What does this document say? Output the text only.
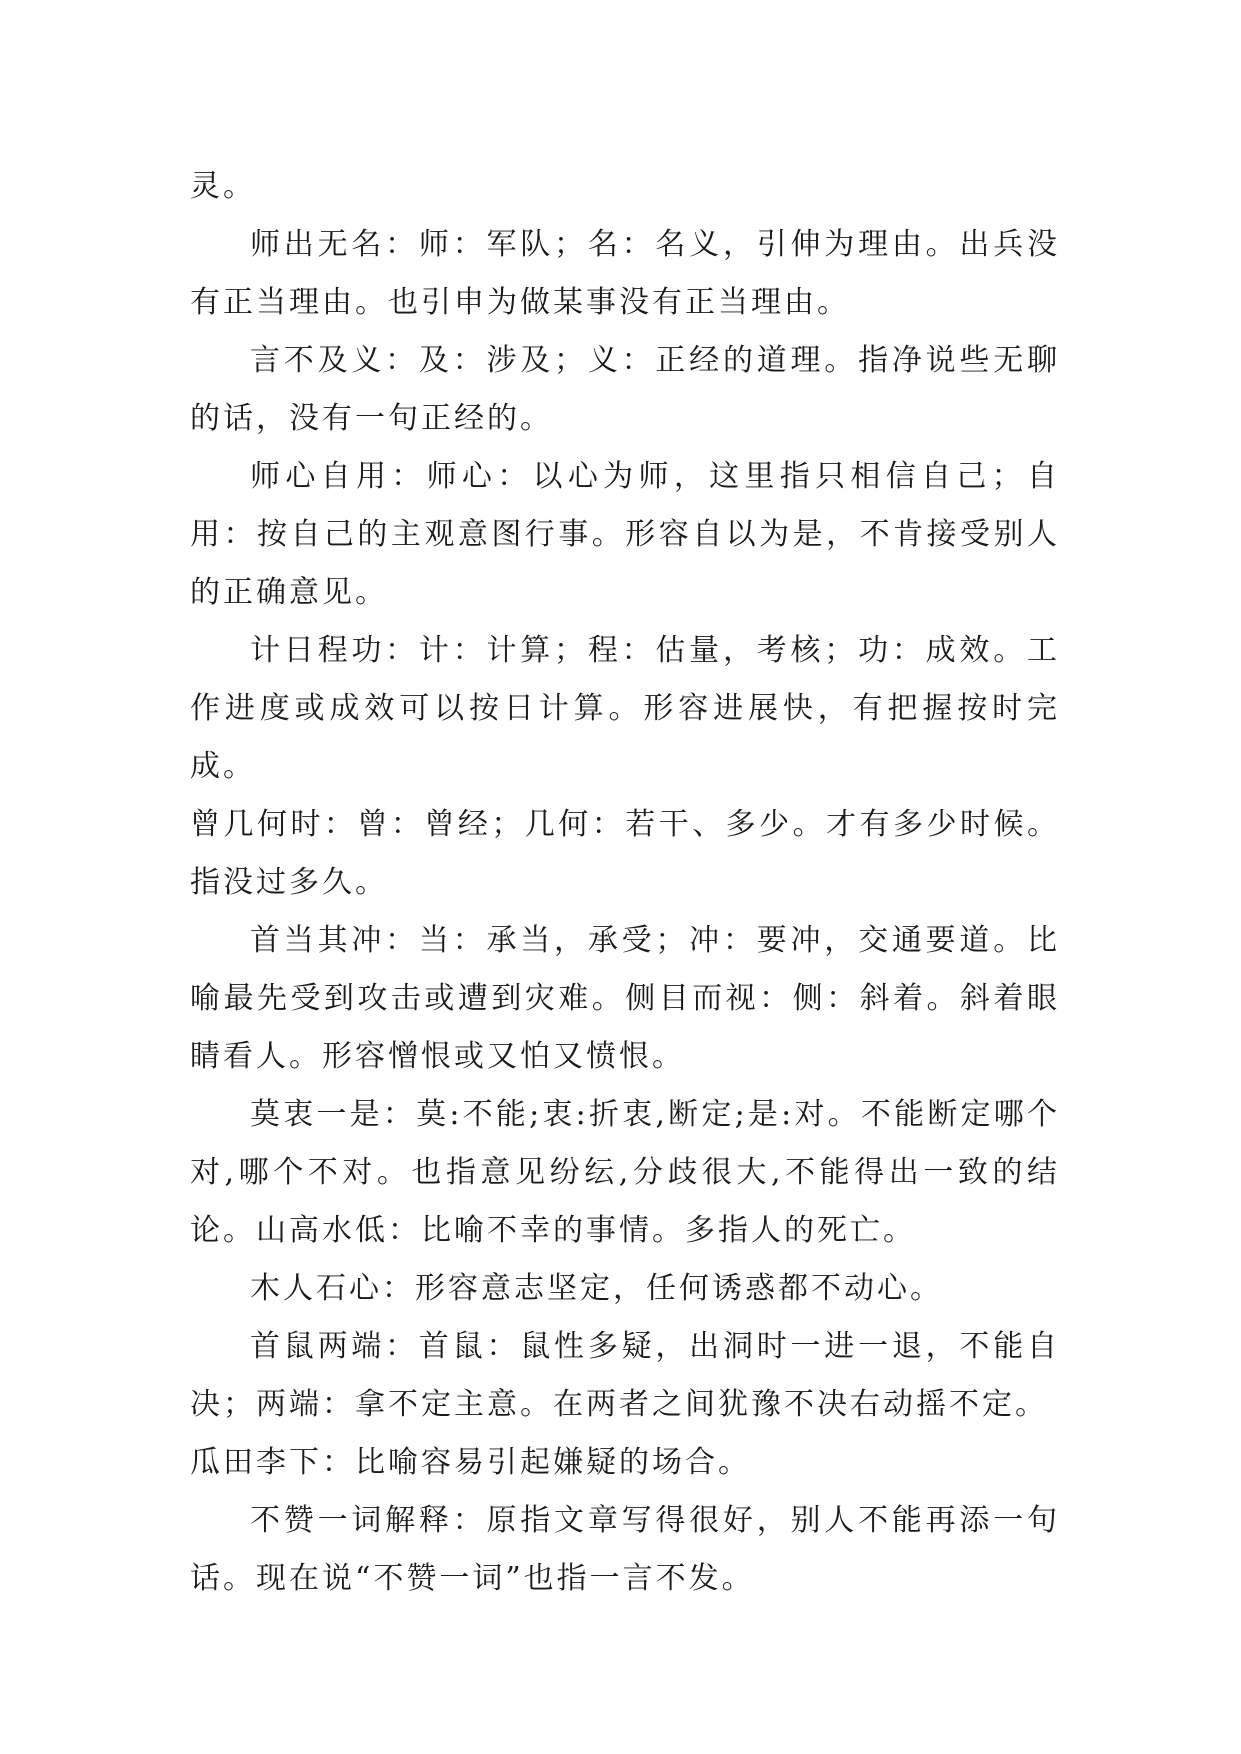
灵。

师出无名：师：军队；名：名义，引伸为理由。出兵没有正当理由。也引申为做某事没有正当理由。

言不及义：及：涉及；义：正经的道理。指净说些无聊的话，没有一句正经的。

师心自用：师心：以心为师，这里指只相信自己；自用：按自己的主观意图行事。形容自以为是，不肯接受别人的正确意见。

计日程功：计：计算；程：估量，考核；功：成效。工作进度或成效可以按日计算。形容进展快，有把握按时完成。

曾几何时：曾：曾经；几何：若干、多少。才有多少时候。指没过多久。

首当其冲：当：承当，承受；冲：要冲，交通要道。比喻最先受到攻击或遭到灾难。侧目而视：侧：斜着。斜着眼睛看人。形容憎恨或又怕又愤恨。

莫衷一是：莫:不能;衷:折衷,断定;是:对。不能断定哪个对,哪个不对。也指意见纷纭,分歧很大,不能得出一致的结论。山高水低：比喻不幸的事情。多指人的死亡。

木人石心：形容意志坚定，任何诱惑都不动心。

首鼠两端：首鼠：鼠性多疑，出洞时一进一退，不能自决；两端：拿不定主意。在两者之间犹豫不决右动摇不定。

瓜田李下：比喻容易引起嫌疑的场合。

不赞一词解释：原指文章写得很好，别人不能再添一句话。现在说“不赞一词”也指一言不发。
